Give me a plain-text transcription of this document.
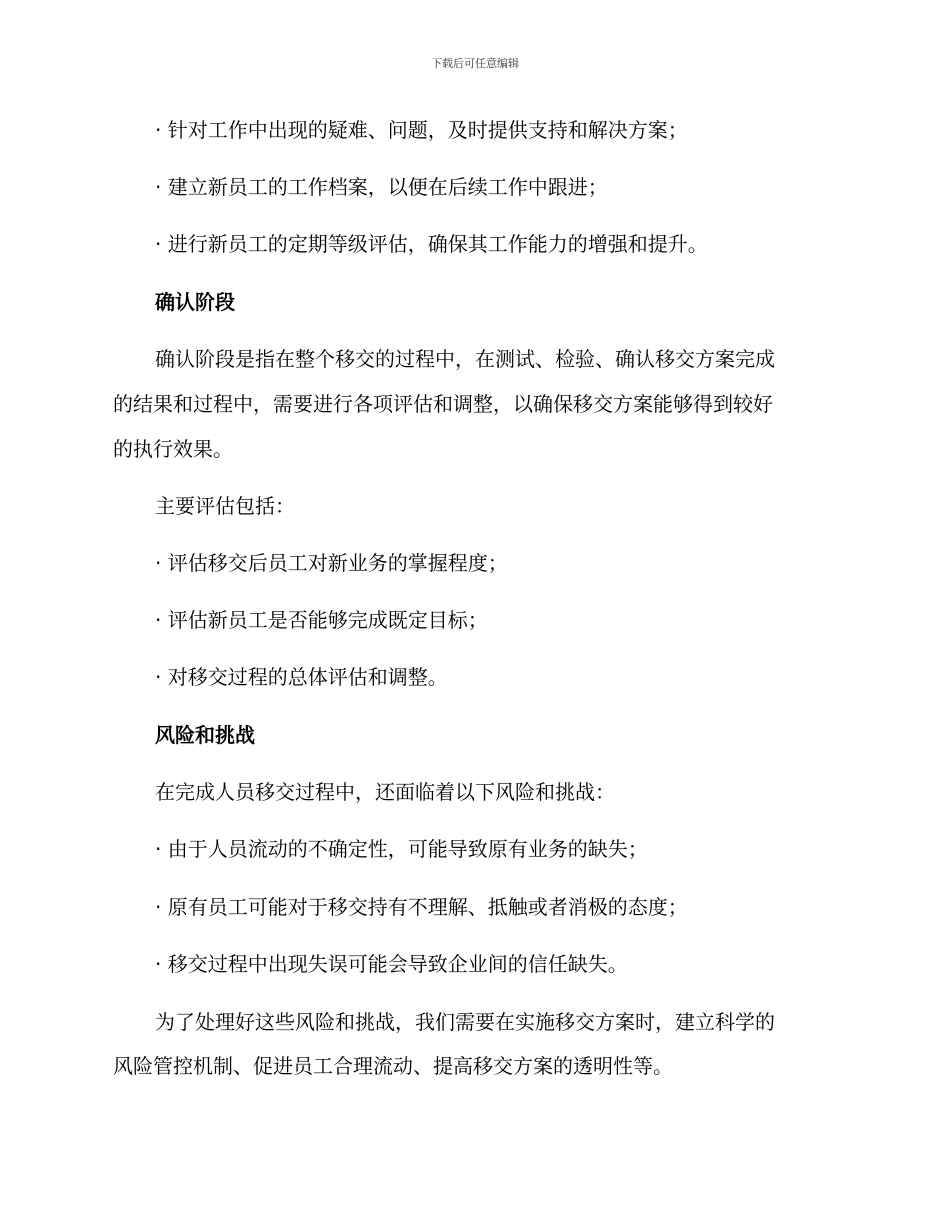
下载后可任意编辑
· 针对工作中出现的疑难、问题，及时提供支持和解决方案；
· 建立新员工的工作档案，以便在后续工作中跟进；
· 进行新员工的定期等级评估，确保其工作能力的增强和提升。
确认阶段
确认阶段是指在整个移交的过程中，在测试、检验、确认移交方案完成
的结果和过程中，需要进行各项评估和调整，以确保移交方案能够得到较好
的执行效果。
主要评估包括：
· 评估移交后员工对新业务的掌握程度；
· 评估新员工是否能够完成既定目标；
· 对移交过程的总体评估和调整。
风险和挑战
在完成人员移交过程中，还面临着以下风险和挑战：
· 由于人员流动的不确定性，可能导致原有业务的缺失；
· 原有员工可能对于移交持有不理解、抵触或者消极的态度；
· 移交过程中出现失误可能会导致企业间的信任缺失。
为了处理好这些风险和挑战，我们需要在实施移交方案时，建立科学的
风险管控机制、促进员工合理流动、提高移交方案的透明性等。
